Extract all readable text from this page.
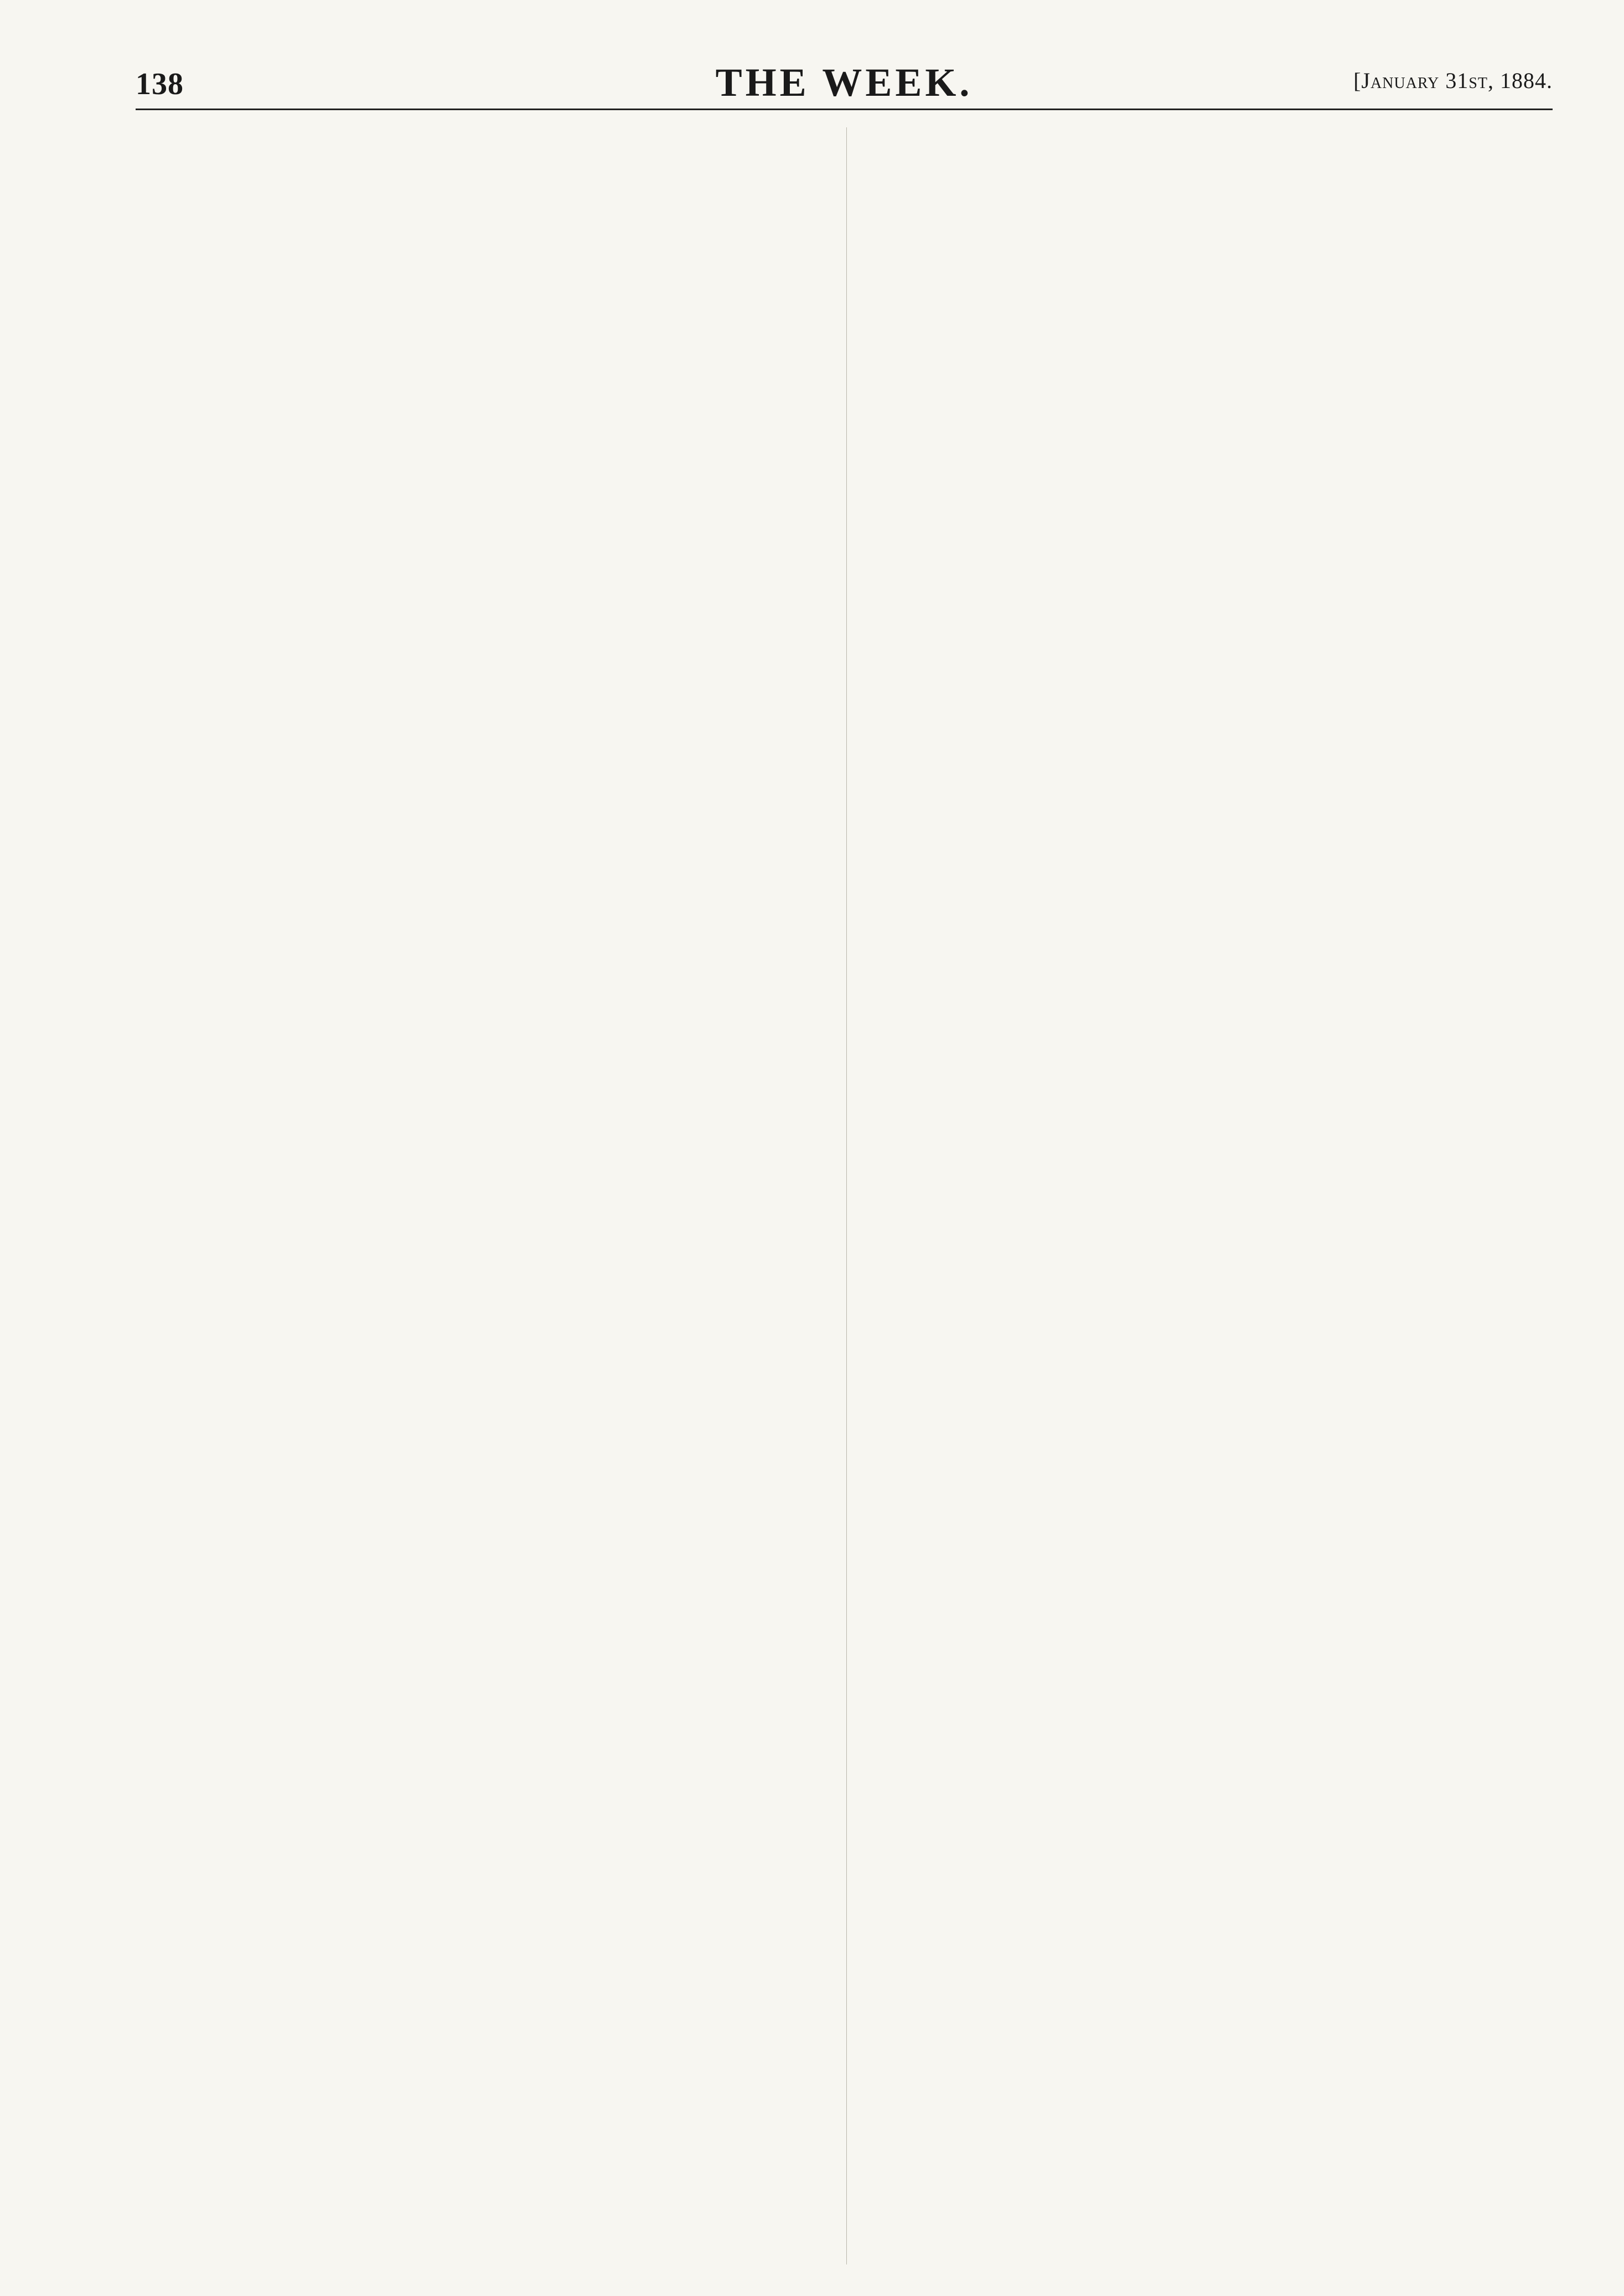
138	THE WEEK.	[January 31st, 1884.
